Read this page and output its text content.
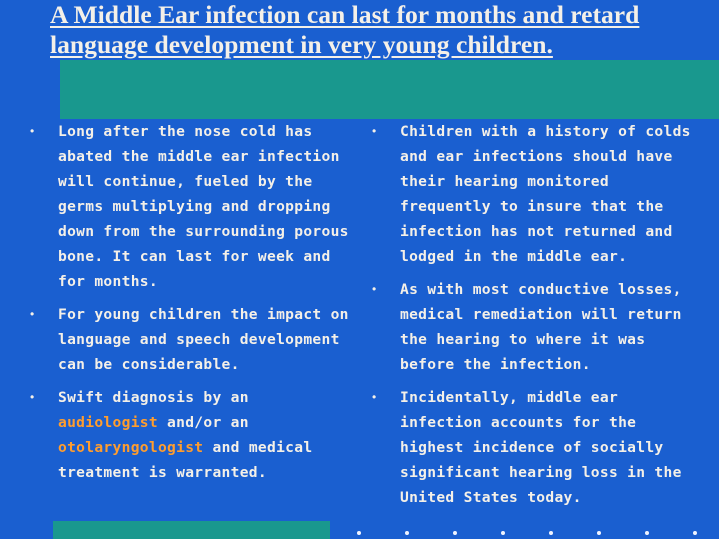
A Middle Ear infection can last for months and retard language development in very young children.
• Long after the nose cold has abated the middle ear infection will continue, fueled by the germs multiplying and dropping down from the surrounding porous bone. It can last for week and for months.
• For young children the impact on language and speech development can be considerable.
• Swift diagnosis by an audiologist and/or an otolaryngologist and medical treatment is warranted.
• Children with a history of colds and ear infections should have their hearing monitored frequently to insure that the infection has not returned and lodged in the middle ear.
• As with most conductive losses, medical remediation will return the hearing to where it was before the infection.
• Incidentally, middle ear infection accounts for the highest incidence of socially significant hearing loss in the United States today.
